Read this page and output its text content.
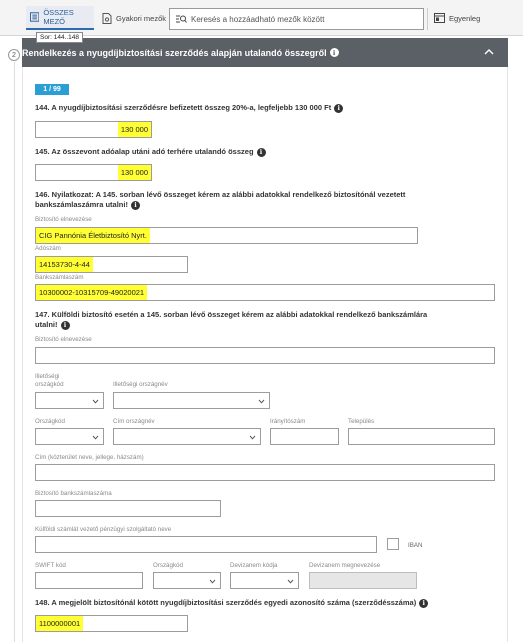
ÖSSZES MEZŐ	Gyakori mezők
Keresés a hozzáadható mezők között	Egyenleg
2 Rendelkezés a nyugdíjbiztosítási szerződés alapján utalandó összegről i
Sor: 144..148
1 / 99
144. A nyugdíjbiztosítási szerződésre befizetett összeg 20%-a, legfeljebb 130 000 Ft i
130 000
145. Az összevont adóalap utáni adó terhére utalandó összeg i
130 000
146. Nyilatkozat: A 145. sorban lévő összeget kérem az alábbi adatokkal rendelkező biztosítónál vezetett
bankszámlaszámra utalni! i
Biztosító elnevezése
CIG Pannónia Életbiztosító Nyrt.
Adószám
14153730-4-44
Bankszámlaszám
10300002-10315709-49020021
147. Külföldi biztosító esetén a 145. sorban lévő összeget kérem az alábbi adatokkal rendelkező bankszámlára
utalni! i
Biztosító elnevezése
Illetőségi
országkód	Illetőségi országnév
Országkód	Cím országnév	Irányítószám	Település
Cím (közterület neve, jellege, házszám)
Biztosító bankszámlaszáma
Külföldi számlát vezető pénzügyi szolgáltató neve
IBAN
SWIFT kód	Országkód	Devizanem kódja	Devizanem megnevezése
148. A megjelölt biztosítónál kötött nyugdíjbiztosítási szerződés egyedi azonosító száma (szerződésszáma) i
1100000001
